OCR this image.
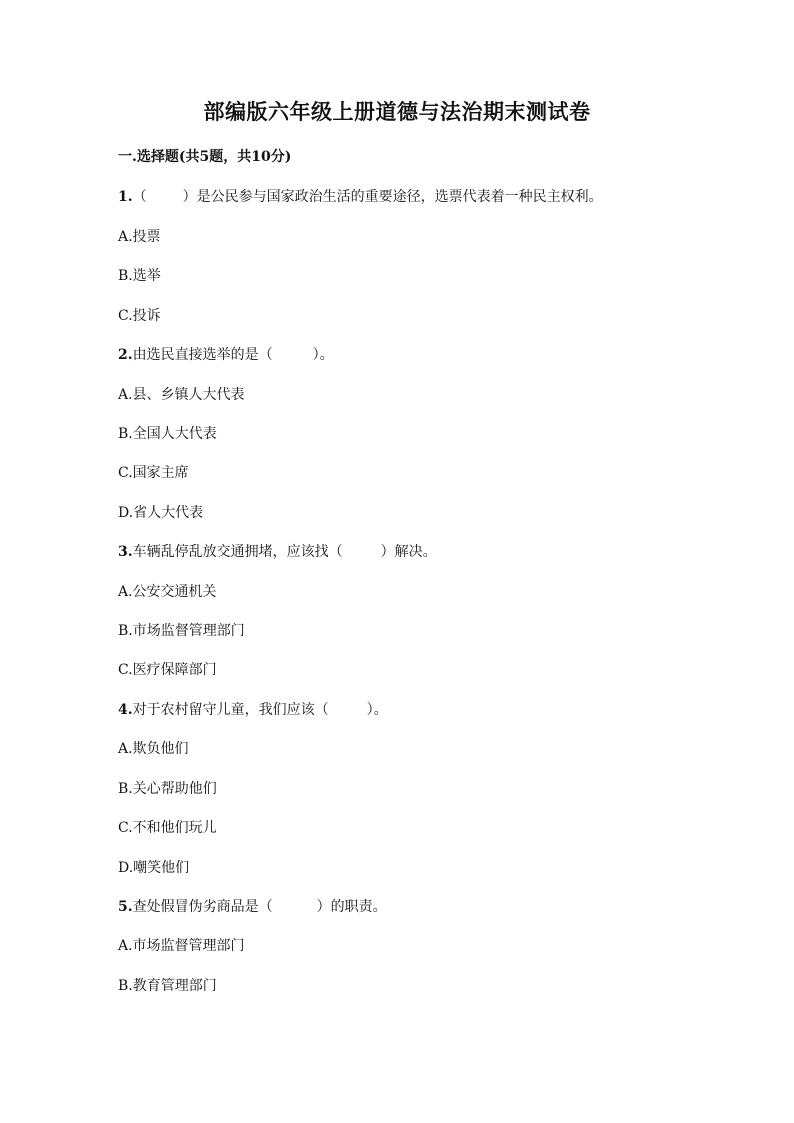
部编版六年级上册道德与法治期末测试卷
一.选择题(共5题，共10分)
1.（	）是公民参与国家政治生活的重要途径，选票代表着一种民主权利。
A.投票
B.选举
C.投诉
2.由选民直接选举的是（	）。
A.县、乡镇人大代表
B.全国人大代表
C.国家主席
D.省人大代表
3.车辆乱停乱放交通拥堵，应该找（	）解决。
A.公安交通机关
B.市场监督管理部门
C.医疗保障部门
4.对于农村留守儿童，我们应该（	）。
A.欺负他们
B.关心帮助他们
C.不和他们玩儿
D.嘲笑他们
5.查处假冒伪劣商品是（	）的职责。
A.市场监督管理部门
B.教育管理部门
